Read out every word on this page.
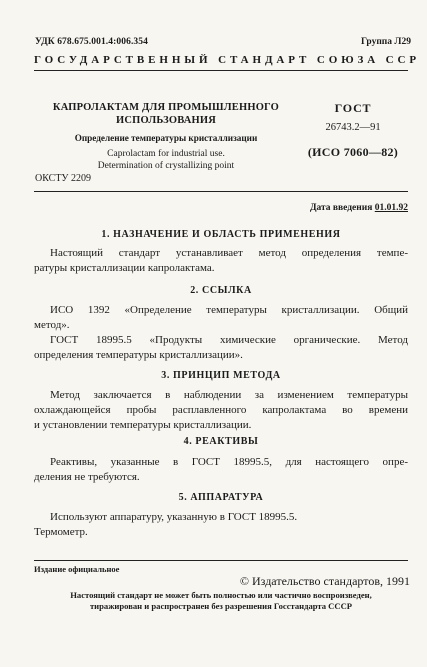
УДК 678.675.001.4:006.354	Группа Л29
ГОСУДАРСТВЕННЫЙ СТАНДАРТ СОЮЗА ССР
КАПРОЛАКТАМ ДЛЯ ПРОМЫШЛЕННОГО
ИСПОЛЬЗОВАНИЯ
Определение температуры кристаллизации
Caprolactam for industrial use.
Determination of crystallizing point
ГОСТ
26743.2—91
(ИСО 7060—82)
ОКСТУ 2209
Дата введения 01.01.92
1. НАЗНАЧЕНИЕ И ОБЛАСТЬ ПРИМЕНЕНИЯ
Настоящий стандарт устанавливает метод определения темпе-
ратуры кристаллизации капролактама.
2. ССЫЛКА
ИСО 1392 «Определение температуры кристаллизации. Общий
метод».
ГОСТ 18995.5 «Продукты химические органические. Метод
определения температуры кристаллизации».
3. ПРИНЦИП МЕТОДА
Метод заключается в наблюдении за изменением температуры
охлаждающейся пробы расплавленного капролактама во времени
и установлении температуры кристаллизации.
4. РЕАКТИВЫ
Реактивы, указанные в ГОСТ 18995.5, для настоящего опре-
деления не требуются.
5. АППАРАТУРА
Используют аппаратуру, указанную в ГОСТ 18995.5.
Термометр.
Издание официальное
© Издательство стандартов, 1991
Настоящий стандарт не может быть полностью или частично воспроизведен,
тиражирован и распространен без разрешения Госстандарта СССР
